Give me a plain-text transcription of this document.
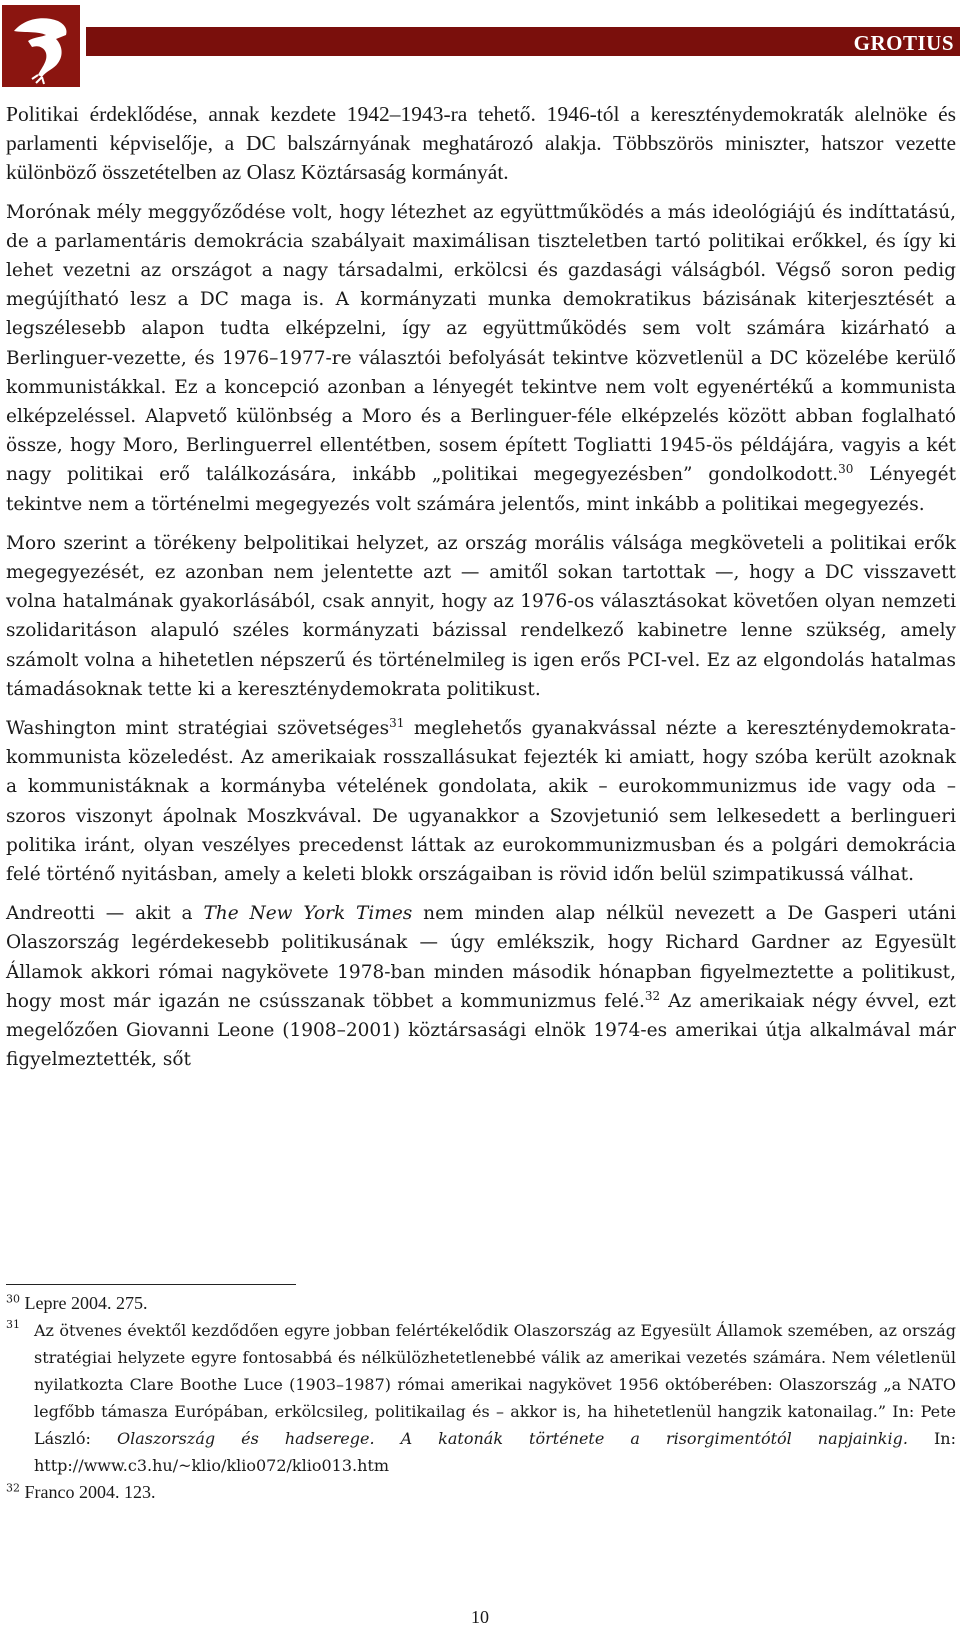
GROTIUS

Politikai érdeklődése, annak kezdete 1942–1943-ra tehető. 1946-tól a kereszténydemokraták alelnöke és parlamenti képviselője, a DC balszárnyának meghatározó alakja. Többszörös miniszter, hatszor vezette különböző összetételben az Olasz Köztársaság kormányát.

Morónak mély meggyőződése volt, hogy létezhet az együttműködés a más ideológiájú és indíttatású, de a parlamentáris demokrácia szabályait maximálisan tiszteletben tartó politikai erőkkel, és így ki lehet vezetni az országot a nagy társadalmi, erkölcsi és gazdasági válságból. Végső soron pedig megújítható lesz a DC maga is. A kormányzati munka demokratikus bázisának kiterjesztését a legszélesebb alapon tudta elképzelni, így az együttműködés sem volt számára kizárható a Berlinguer-vezette, és 1976–1977-re választói befolyását tekintve közvetlenül a DC közelébe kerülő kommunistákkal. Ez a koncepció azonban a lényegét tekintve nem volt egyenértékű a kommunista elképzeléssel. Alapvető különbség a Moro és a Berlinguer-féle elképzelés között abban foglalható össze, hogy Moro, Berlinguerrel ellentétben, sosem épített Togliatti 1945-ös példájára, vagyis a két nagy politikai erő találkozására, inkább „politikai megegyezésben” gondolkodott.$^{30}$ Lényegét tekintve nem a történelmi megegyezés volt számára jelentős, mint inkább a politikai megegyezés.

Moro szerint a törékeny belpolitikai helyzet, az ország morális válsága megköveteli a politikai erők megegyezését, ez azonban nem jelentette azt — amitől sokan tartottak —, hogy a DC visszavett volna hatalmának gyakorlásából, csak annyit, hogy az 1976-os választásokat követően olyan nemzeti szolidaritáson alapuló széles kormányzati bázissal rendelkező kabinetre lenne szükség, amely számolt volna a hihetetlen népszerű és történelmileg is igen erős PCI-vel. Ez az elgondolás hatalmas támadásoknak tette ki a kereszténydemokrata politikust.

Washington mint stratégiai szövetséges$^{31}$ meglehetős gyanakvással nézte a kereszténydemokrata-kommunista közeledést. Az amerikaiak rosszallásukat fejezték ki amiatt, hogy szóba került azoknak a kommunistáknak a kormányba vételének gondolata, akik – eurokommunizmus ide vagy oda – szoros viszonyt ápolnak Moszkvával. De ugyanakkor a Szovjetunió sem lelkesedett a berlingueri politika iránt, olyan veszélyes precedenst láttak az eurokommunizmusban és a polgári demokrácia felé történő nyitásban, amely a keleti blokk országaiban is rövid időn belül szimpatikussá válhat.

Andreotti — akit a The New York Times nem minden alap nélkül nevezett a De Gasperi utáni Olaszország legérdekesebb politikusának — úgy emlékszik, hogy Richard Gardner az Egyesült Államok akkori római nagykövete 1978-ban minden második hónapban figyelmeztette a politikust, hogy most már igazán ne csússzanak többet a kommunizmus felé.$^{32}$ Az amerikaiak négy évvel, ezt megelőzően Giovanni Leone (1908–2001) köztársasági elnök 1974-es amerikai útja alkalmával már figyelmeztették, sőt

$^{30}$ Lepre 2004. 275.

31 Az ötvenes évektől kezdődően egyre jobban felértékelődik Olaszország az Egyesült Államok szemében, az ország stratégiai helyzete egyre fontosabbá és nélkülözhetetlenebbé válik az amerikai vezetés számára. Nem véletlenül nyilatkozta Clare Boothe Luce (1903–1987) római amerikai nagykövet 1956 októberében: Olaszország „a NATO legfőbb támasza Európában, erkölcsileg, politikailag és – akkor is, ha hihetetlenül hangzik katonailag.” In: Pete László: Olaszország és hadserege. A katonák története a risorgimentótól napjainkig. In: http://www.c3.hu/~klio/klio072/klio013.htm

$^{32}$ Franco 2004. 123.

10
